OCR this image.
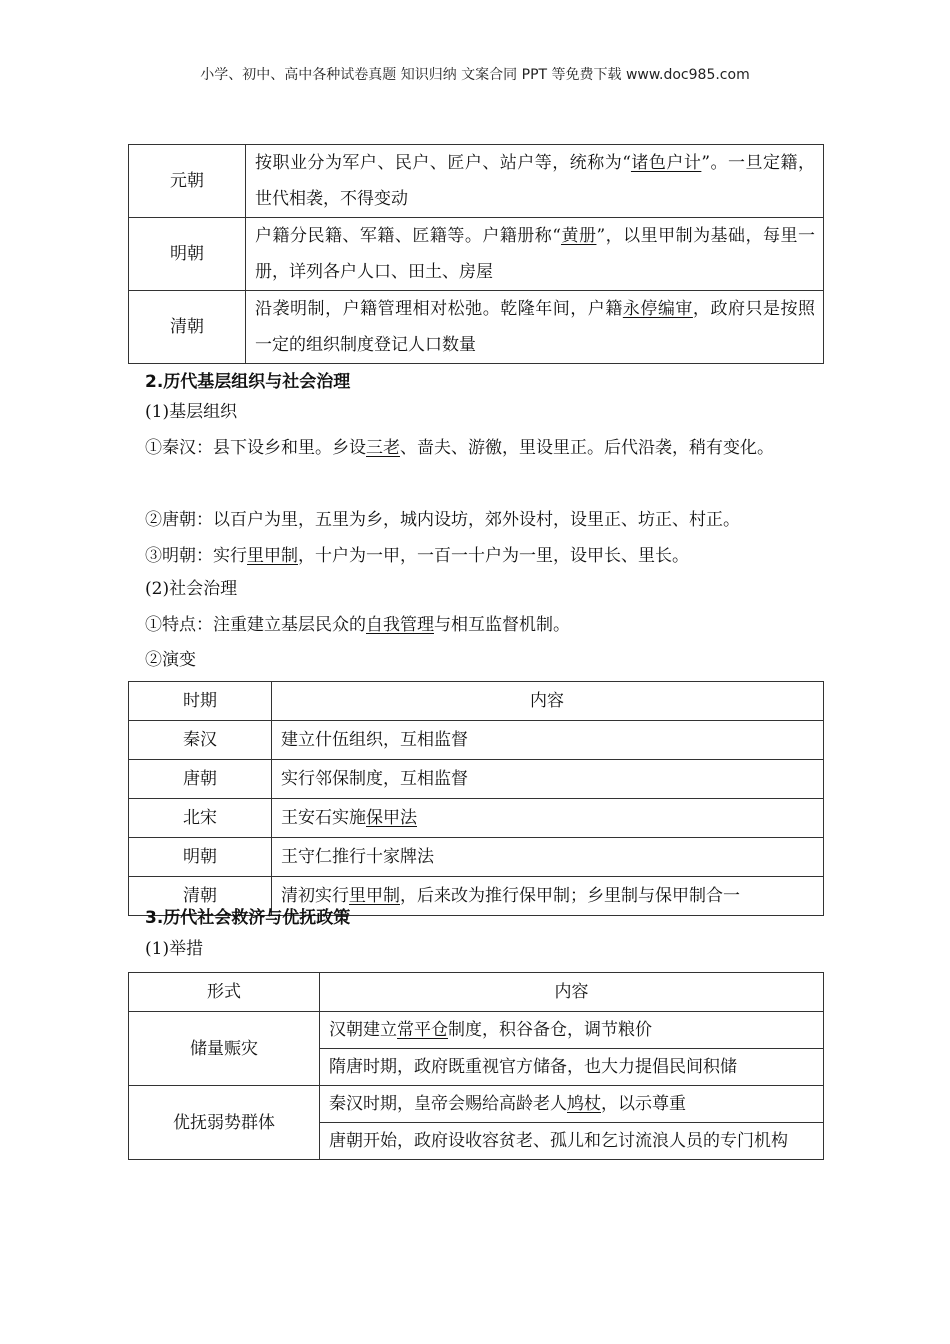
小学、初中、高中各种试卷真题 知识归纳 文案合同 PPT 等免费下载 www.doc985.com
元朝	按职业分为军户、民户、匠户、站户等，统称为“诸色户计”。一旦定籍，世代相袭，不得变动
明朝	户籍分民籍、军籍、匠籍等。户籍册称“黄册”，以里甲制为基础，每里一册，详列各户人口、田土、房屋
清朝	沿袭明制，户籍管理相对松弛。乾隆年间，户籍永停编审，政府只是按照一定的组织制度登记人口数量
2.历代基层组织与社会治理
(1)基层组织
①秦汉：县下设乡和里。乡设三老、啬夫、游徼，里设里正。后代沿袭，稍有变化。
②唐朝：以百户为里，五里为乡，城内设坊，郊外设村，设里正、坊正、村正。
③明朝：实行里甲制，十户为一甲，一百一十户为一里，设甲长、里长。
(2)社会治理
①特点：注重建立基层民众的自我管理与相互监督机制。
②演变
时期	内容
秦汉	建立什伍组织，互相监督
唐朝	实行邻保制度，互相监督
北宋	王安石实施保甲法
明朝	王守仁推行十家牌法
清朝	清初实行里甲制，后来改为推行保甲制；乡里制与保甲制合一
3.历代社会救济与优抚政策
(1)举措
形式	内容
储量赈灾	汉朝建立常平仓制度，积谷备仓，调节粮价
	隋唐时期，政府既重视官方储备，也大力提倡民间积储
优抚弱势群体	秦汉时期，皇帝会赐给高龄老人鸠杖，以示尊重
	唐朝开始，政府设收容贫老、孤儿和乞讨流浪人员的专门机构
